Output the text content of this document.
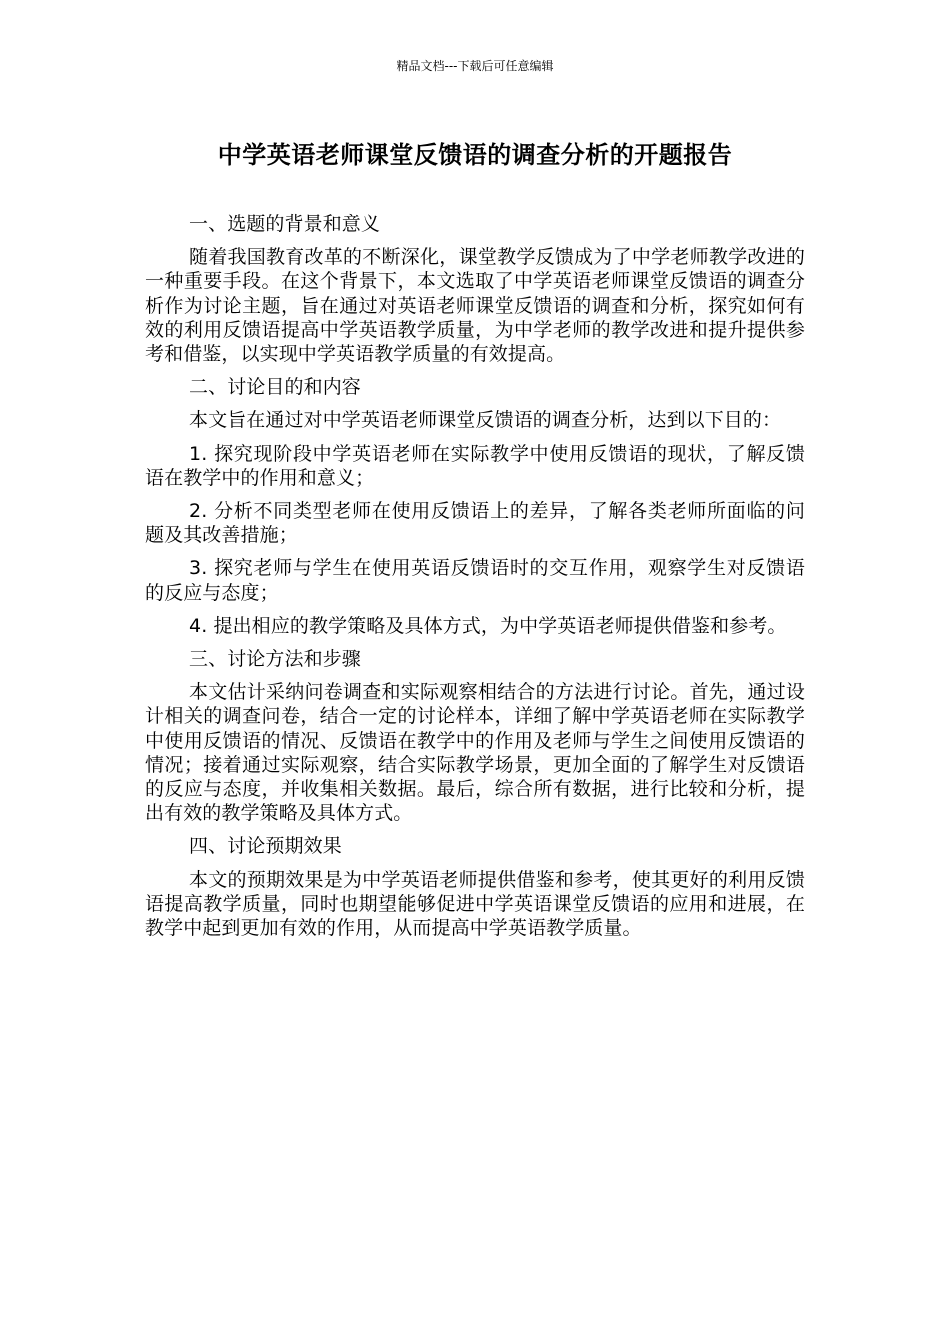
精品文档---下载后可任意编辑
中学英语老师课堂反馈语的调查分析的开题报告

一、选题的背景和意义

随着我国教育改革的不断深化，课堂教学反馈成为了中学老师教学改进的一种重要手段。在这个背景下，本文选取了中学英语老师课堂反馈语的调查分析作为讨论主题，旨在通过对英语老师课堂反馈语的调查和分析，探究如何有效的利用反馈语提高中学英语教学质量，为中学老师的教学改进和提升提供参考和借鉴，以实现中学英语教学质量的有效提高。

二、讨论目的和内容

本文旨在通过对中学英语老师课堂反馈语的调查分析，达到以下目的：

1. 探究现阶段中学英语老师在实际教学中使用反馈语的现状，了解反馈语在教学中的作用和意义；

2. 分析不同类型老师在使用反馈语上的差异，了解各类老师所面临的问题及其改善措施；

3. 探究老师与学生在使用英语反馈语时的交互作用，观察学生对反馈语的反应与态度；

4. 提出相应的教学策略及具体方式，为中学英语老师提供借鉴和参考。

三、讨论方法和步骤

本文估计采纳问卷调查和实际观察相结合的方法进行讨论。首先，通过设计相关的调查问卷，结合一定的讨论样本，详细了解中学英语老师在实际教学中使用反馈语的情况、反馈语在教学中的作用及老师与学生之间使用反馈语的情况；接着通过实际观察，结合实际教学场景，更加全面的了解学生对反馈语的反应与态度，并收集相关数据。最后，综合所有数据，进行比较和分析，提出有效的教学策略及具体方式。

四、讨论预期效果

本文的预期效果是为中学英语老师提供借鉴和参考，使其更好的利用反馈语提高教学质量，同时也期望能够促进中学英语课堂反馈语的应用和进展，在教学中起到更加有效的作用，从而提高中学英语教学质量。
